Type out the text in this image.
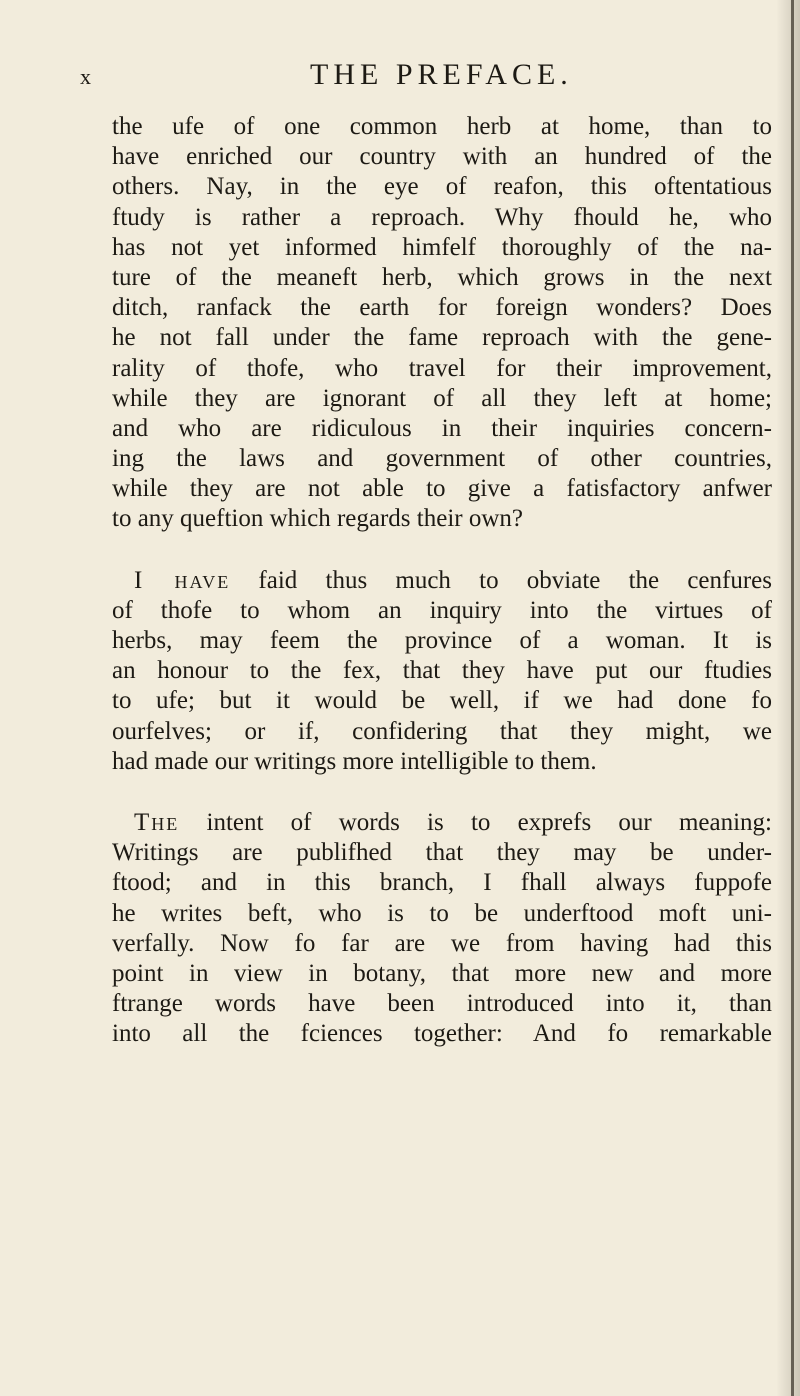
x	THE PREFACE.
the ufe of one common herb at home, than to
have enriched our country with an hundred of the
others. Nay, in the eye of reafon, this oftentatious
ftudy is rather a reproach. Why fhould he, who
has not yet informed himfelf thoroughly of the na-
ture of the meaneft herb, which grows in the next
ditch, ranfack the earth for foreign wonders? Does
he not fall under the fame reproach with the gene-
rality of thofe, who travel for their improvement,
while they are ignorant of all they left at home;
and who are ridiculous in their inquiries concern-
ing the laws and government of other countries,
while they are not able to give a fatisfactory anfwer
to any queftion which regards their own?
I have faid thus much to obviate the cenfures
of thofe to whom an inquiry into the virtues of
herbs, may feem the province of a woman. It is
an honour to the fex, that they have put our ftudies
to ufe; but it would be well, if we had done fo
ourfelves; or if, confidering that they might, we
had made our writings more intelligible to them.
The intent of words is to exprefs our meaning:
Writings are publifhed that they may be under-
ftood; and in this branch, I fhall always fuppofe
he writes beft, who is to be underftood moft uni-
verfally. Now fo far are we from having had this
point in view in botany, that more new and more
ftrange words have been introduced into it, than
into all the fciences together: And fo remarkable
